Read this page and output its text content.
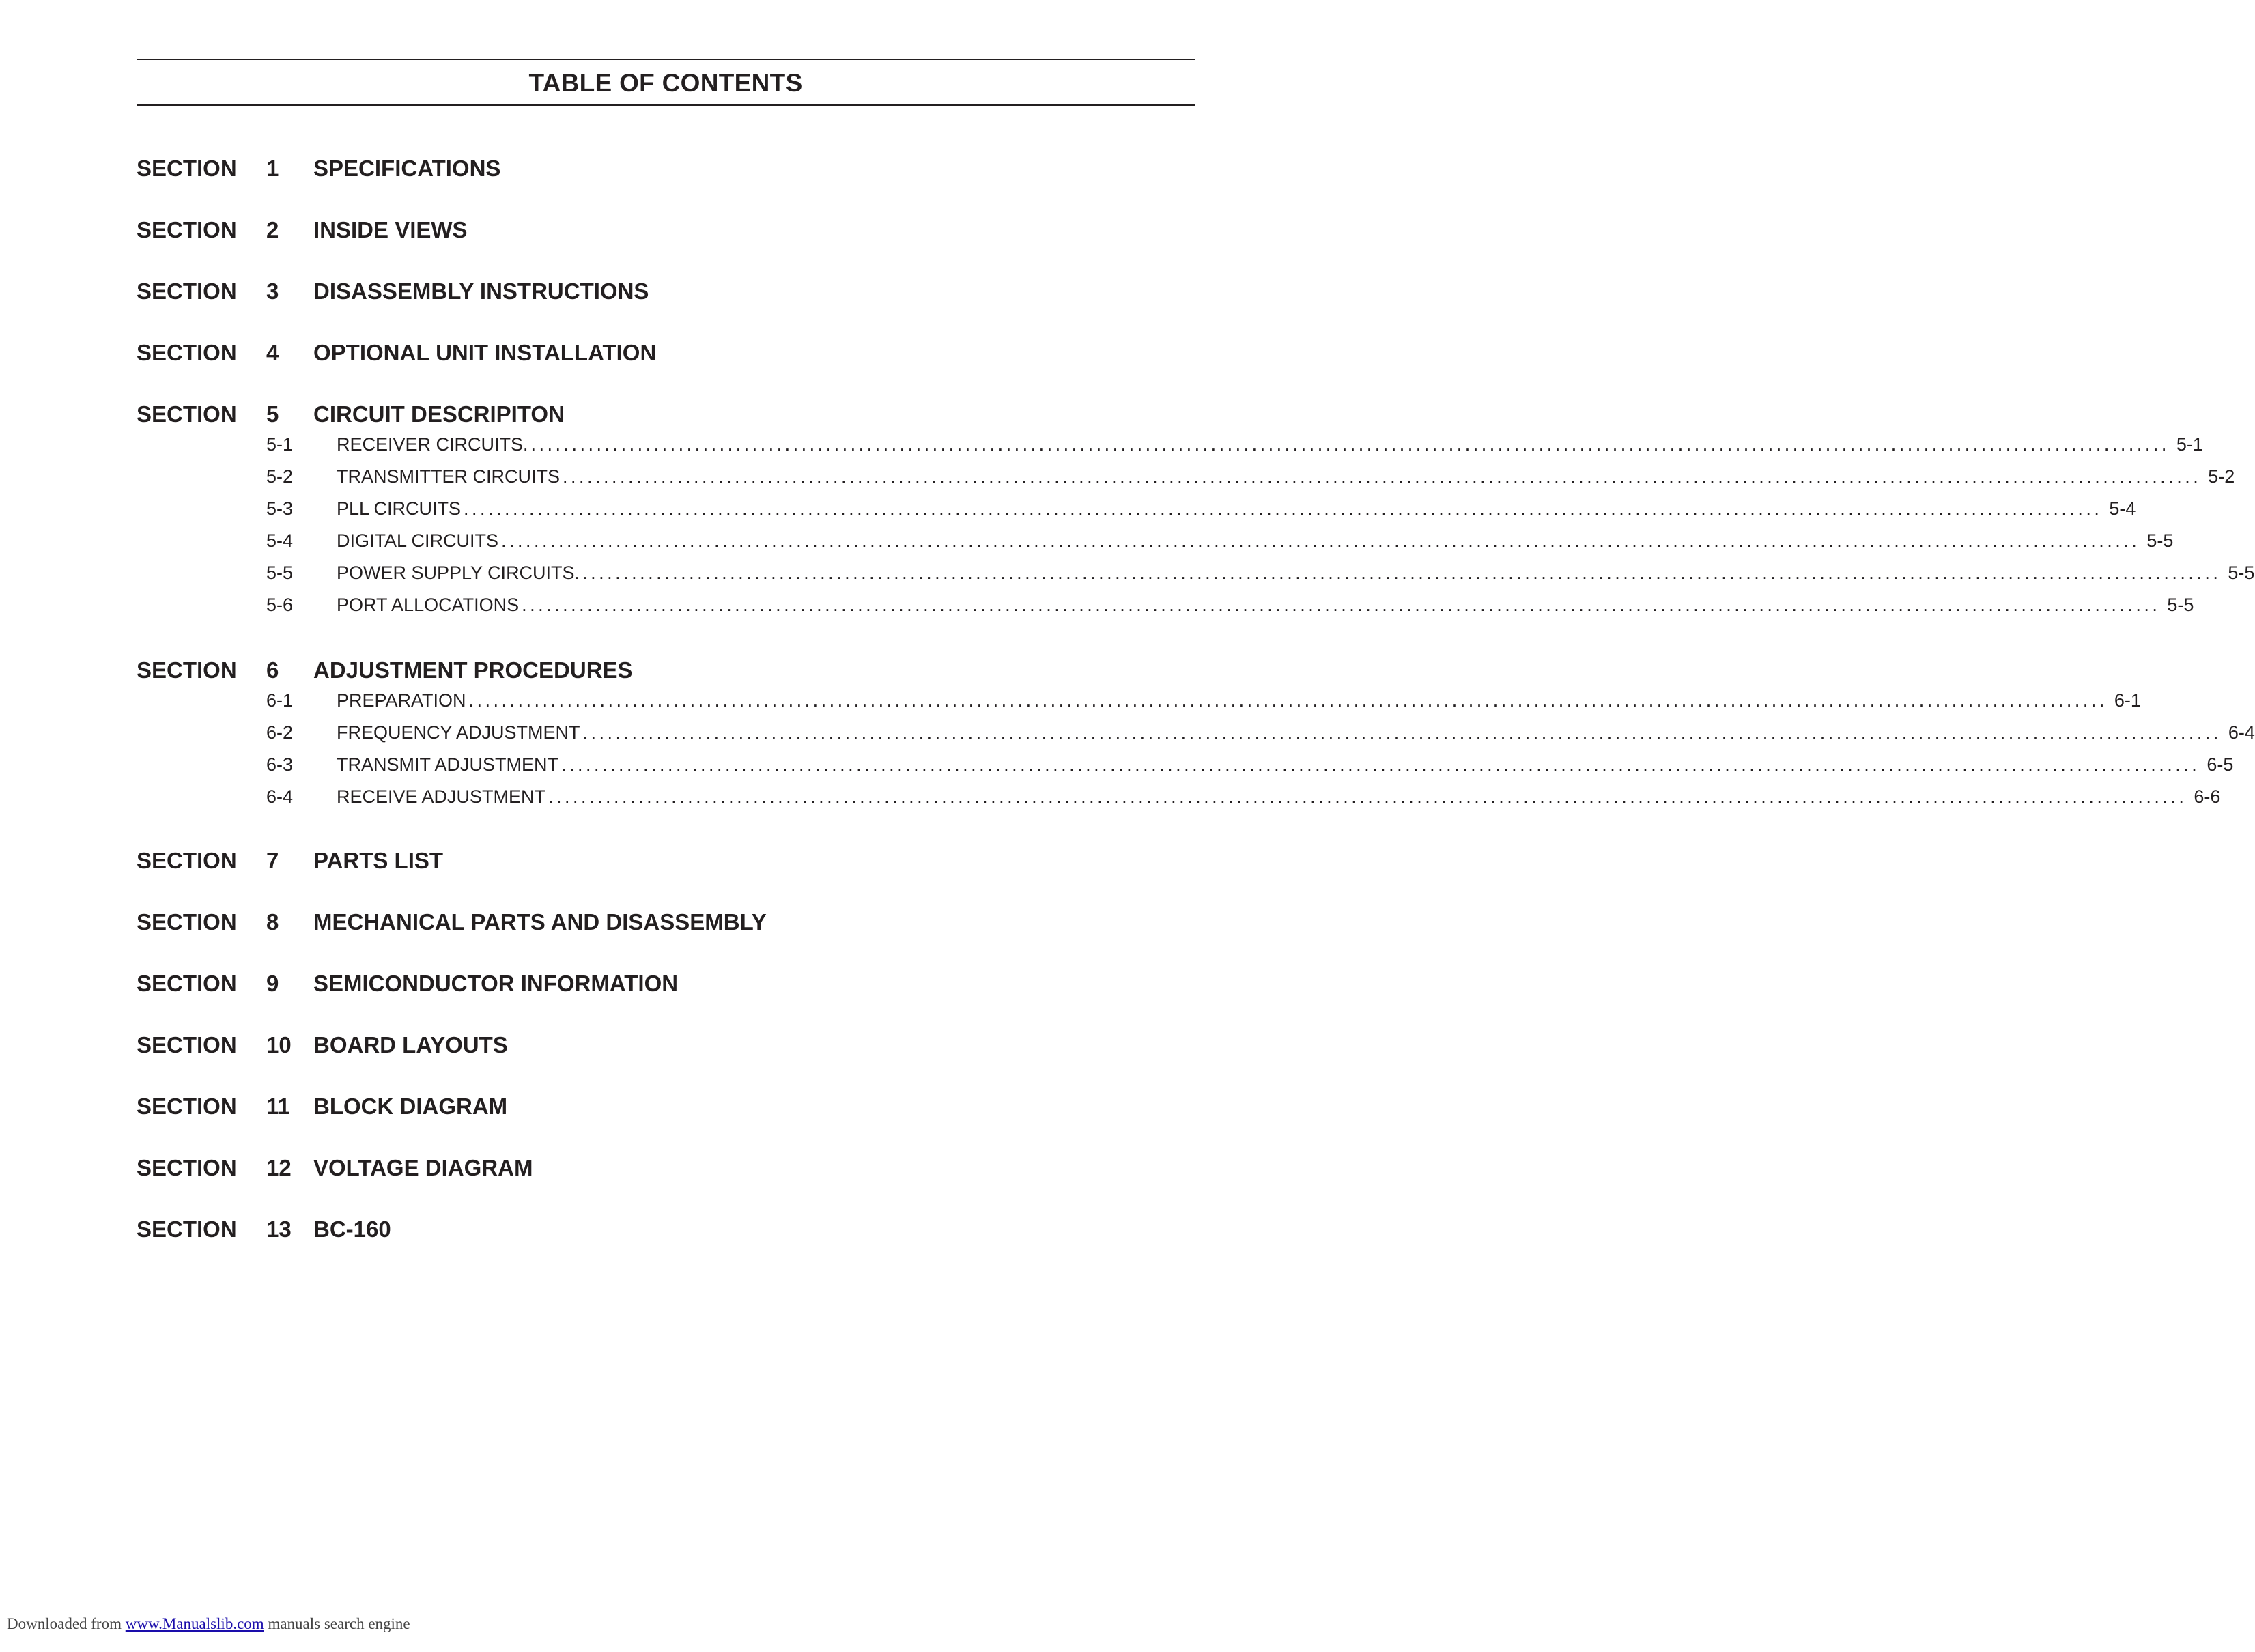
TABLE OF CONTENTS
SECTION 1 SPECIFICATIONS
SECTION 2 INSIDE VIEWS
SECTION 3 DISASSEMBLY INSTRUCTIONS
SECTION 4 OPTIONAL UNIT INSTALLATION
SECTION 5 CIRCUIT DESCRIPITON
5-1 RECEIVER CIRCUITS. ........................................................................................................................................................................................................ 5-1
5-2 TRANSMITTER CIRCUITS ........................................................................................................................................................................................................ 5-2
5-3 PLL CIRCUITS ........................................................................................................................................................................................................ 5-4
5-4 DIGITAL CIRCUITS ........................................................................................................................................................................................................ 5-5
5-5 POWER SUPPLY CIRCUITS. ........................................................................................................................................................................................................ 5-5
5-6 PORT ALLOCATIONS ........................................................................................................................................................................................................ 5-5
SECTION 6 ADJUSTMENT PROCEDURES
6-1 PREPARATION ........................................................................................................................................................................................................ 6-1
6-2 FREQUENCY ADJUSTMENT ........................................................................................................................................................................................................ 6-4
6-3 TRANSMIT ADJUSTMENT ........................................................................................................................................................................................................ 6-5
6-4 RECEIVE ADJUSTMENT ........................................................................................................................................................................................................ 6-6
SECTION 7 PARTS LIST
SECTION 8 MECHANICAL PARTS AND DISASSEMBLY
SECTION 9 SEMICONDUCTOR INFORMATION
SECTION 10 BOARD LAYOUTS
SECTION 11 BLOCK DIAGRAM
SECTION 12 VOLTAGE DIAGRAM
SECTION 13 BC-160
Downloaded from www.Manualslib.com manuals search engine
